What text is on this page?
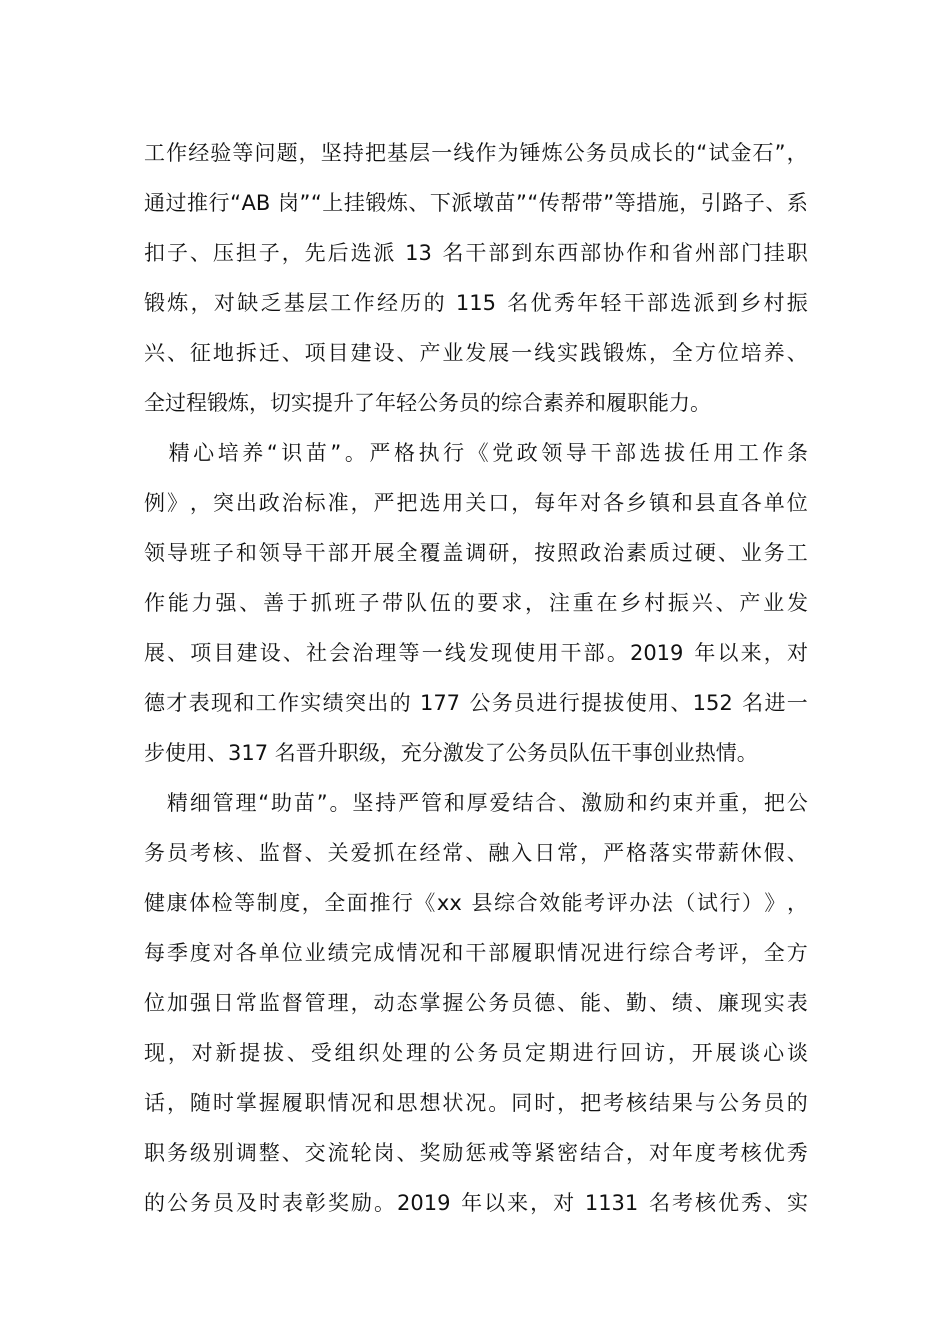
工 作 经 验 等 问 题 ， 坚 持 把 基 层 一 线 作 为 锤 炼 公 务 员 成 长 的 “ 试 金 石 ” ，
通 过 推 行 “ AB
岗 ” “ 上 挂 锻 炼 、 下 派 墩 苗 ” “ 传 帮 带 ” 等 措 施 ， 引 路 子 、 系
扣 子 、 压 担 子 ， 先 后 选 派
13
名 干 部 到 东 西 部 协 作 和 省 州 部 门 挂 职
锻 炼 ， 对 缺 乏 基 层 工 作 经 历 的
115
名 优 秀 年 轻 干 部 选 派 到 乡 村 振
兴 、 征 地 拆 迁 、 项 目 建 设 、 产 业 发 展 一 线 实 践 锻 炼 ， 全 方 位 培 养 、
全过程锻炼，切实提升了年轻公务员的综合素养和履职能力。

精 心 培 养 “ 识 苗 ” 。 严 格 执 行 《 党 政 领 导 干 部 选 拔 任 用 工 作 条
例 》 ， 突 出 政 治 标 准 ， 严 把 选 用 关 口 ， 每 年 对 各 乡 镇 和 县 直 各 单 位
领 导 班 子 和 领 导 干 部 开 展 全 覆 盖 调 研 ， 按 照 政 治 素 质 过 硬 、 业 务 工
作 能 力 强 、 善 于 抓 班 子 带 队 伍 的 要 求 ， 注 重 在 乡 村 振 兴 、 产 业 发
展 、 项 目 建 设 、 社 会 治 理 等 一 线 发 现 使 用 干 部 。 2019
年 以 来 ， 对
德 才 表 现 和 工 作 实 绩 突 出 的
177
公 务 员 进 行 提 拔 使 用 、 152
名 进 一
步使用、317 名晋升职级，充分激发了公务员队伍干事创业热情。

精 细 管 理 “ 助 苗 ” 。 坚 持 严 管 和 厚 爱 结 合 、 激 励 和 约 束 并 重 ， 把 公
务 员 考 核 、 监 督 、 关 爱 抓 在 经 常 、 融 入 日 常 ， 严 格 落 实 带 薪 休 假 、
健 康 体 检 等 制 度 ， 全 面 推 行 《 xx
县 综 合 效 能 考 评 办 法 （ 试 行 ） 》 ，
每 季 度 对 各 单 位 业 绩 完 成 情 况 和 干 部 履 职 情 况 进 行 综 合 考 评 ， 全 方
位 加 强 日 常 监 督 管 理 ， 动 态 掌 握 公 务 员 德 、 能 、 勤 、 绩 、 廉 现 实 表
现 ， 对 新 提 拔 、 受 组 织 处 理 的 公 务 员 定 期 进 行 回 访 ， 开 展 谈 心 谈
话 ， 随 时 掌 握 履 职 情 况 和 思 想 状 况 。 同 时 ， 把 考 核 结 果 与 公 务 员 的
职 务 级 别 调 整 、 交 流 轮 岗 、 奖 励 惩 戒 等 紧 密 结 合 ， 对 年 度 考 核 优 秀
的 公 务 员 及 时 表 彰 奖 励 。 2019
年 以 来 ， 对
1131
名 考 核 优 秀 、 实
